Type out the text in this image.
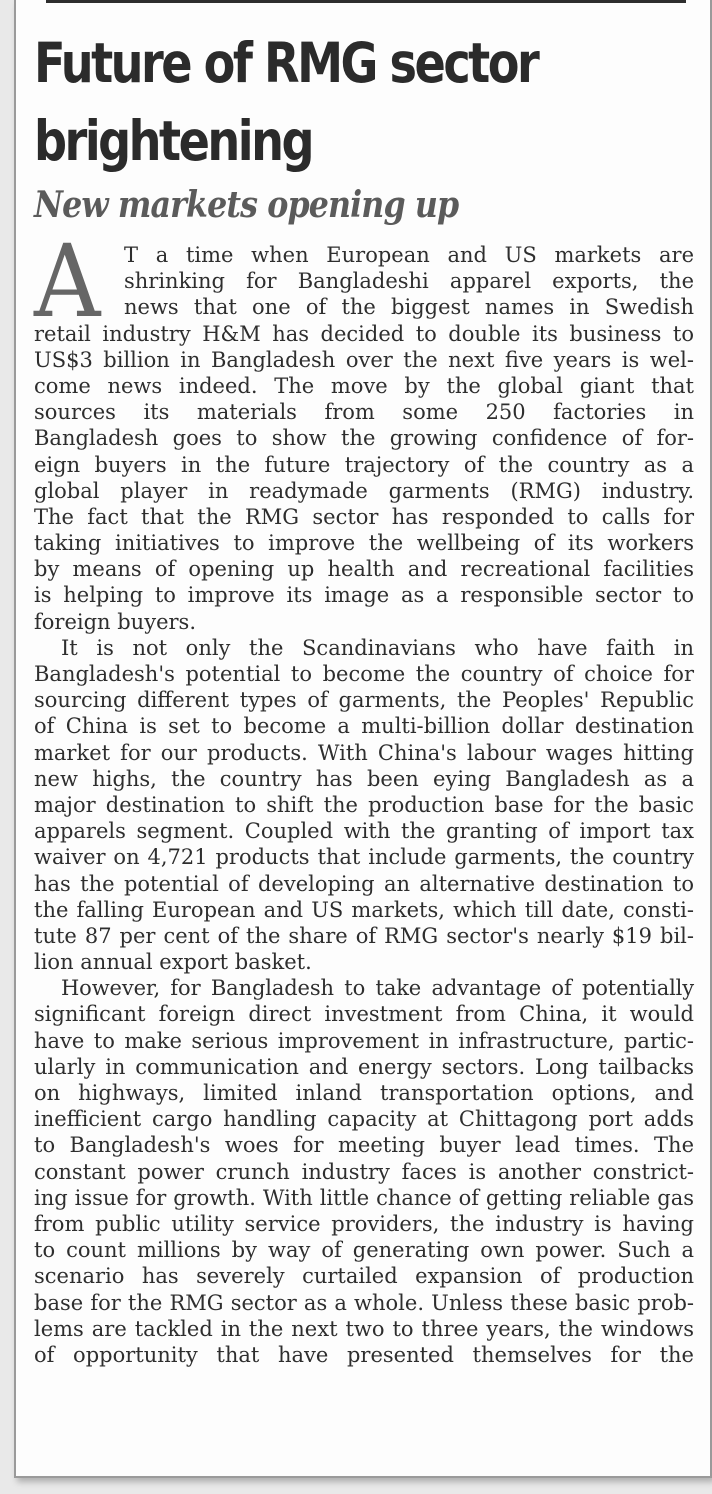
Future of RMG sector brightening
New markets opening up
A	T a time when European and US markets are
shrinking for Bangladeshi apparel exports, the
news that one of the biggest names in Swedish
retail industry H&M has decided to double its business to
US$3 billion in Bangladesh over the next five years is wel-
come news indeed. The move by the global giant that
sources its materials from some 250 factories in
Bangladesh goes to show the growing confidence of for-
eign buyers in the future trajectory of the country as a
global player in readymade garments (RMG) industry.
The fact that the RMG sector has responded to calls for
taking initiatives to improve the wellbeing of its workers
by means of opening up health and recreational facilities
is helping to improve its image as a responsible sector to
foreign buyers.
It is not only the Scandinavians who have faith in
Bangladesh's potential to become the country of choice for
sourcing different types of garments, the Peoples' Republic
of China is set to become a multi-billion dollar destination
market for our products. With China's labour wages hitting
new highs, the country has been eying Bangladesh as a
major destination to shift the production base for the basic
apparels segment. Coupled with the granting of import tax
waiver on 4,721 products that include garments, the country
has the potential of developing an alternative destination to
the falling European and US markets, which till date, consti-
tute 87 per cent of the share of RMG sector's nearly $19 bil-
lion annual export basket.
However, for Bangladesh to take advantage of potentially
significant foreign direct investment from China, it would
have to make serious improvement in infrastructure, partic-
ularly in communication and energy sectors. Long tailbacks
on highways, limited inland transportation options, and
inefficient cargo handling capacity at Chittagong port adds
to Bangladesh's woes for meeting buyer lead times. The
constant power crunch industry faces is another constrict-
ing issue for growth. With little chance of getting reliable gas
from public utility service providers, the industry is having
to count millions by way of generating own power. Such a
scenario has severely curtailed expansion of production
base for the RMG sector as a whole. Unless these basic prob-
lems are tackled in the next two to three years, the windows
of opportunity that have presented themselves for the
